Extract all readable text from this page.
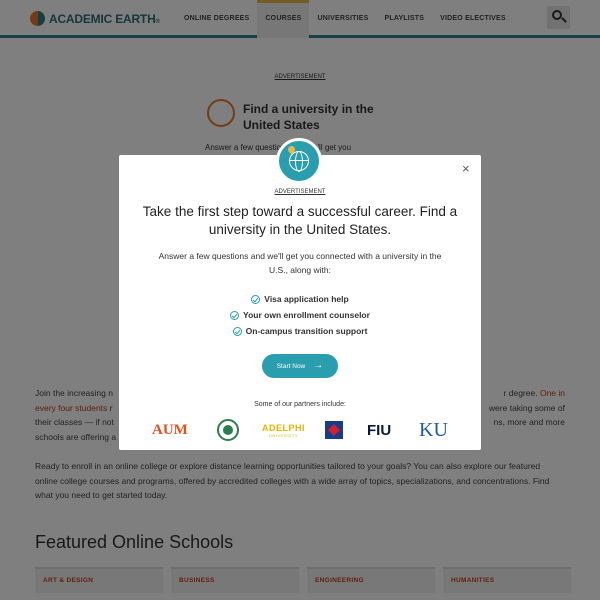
×
ADVERTISEMENT
Take the first step toward a successful career. Find a university in the United States.
Answer a few questions and we'll get you connected with a university in the U.S., along with:
Visa application help
Your own enrollment counselor
On-campus transition support
Start Now →
Some of our partners include:
AUM	ADELPHI
UNIVERSITY	FIU KU
